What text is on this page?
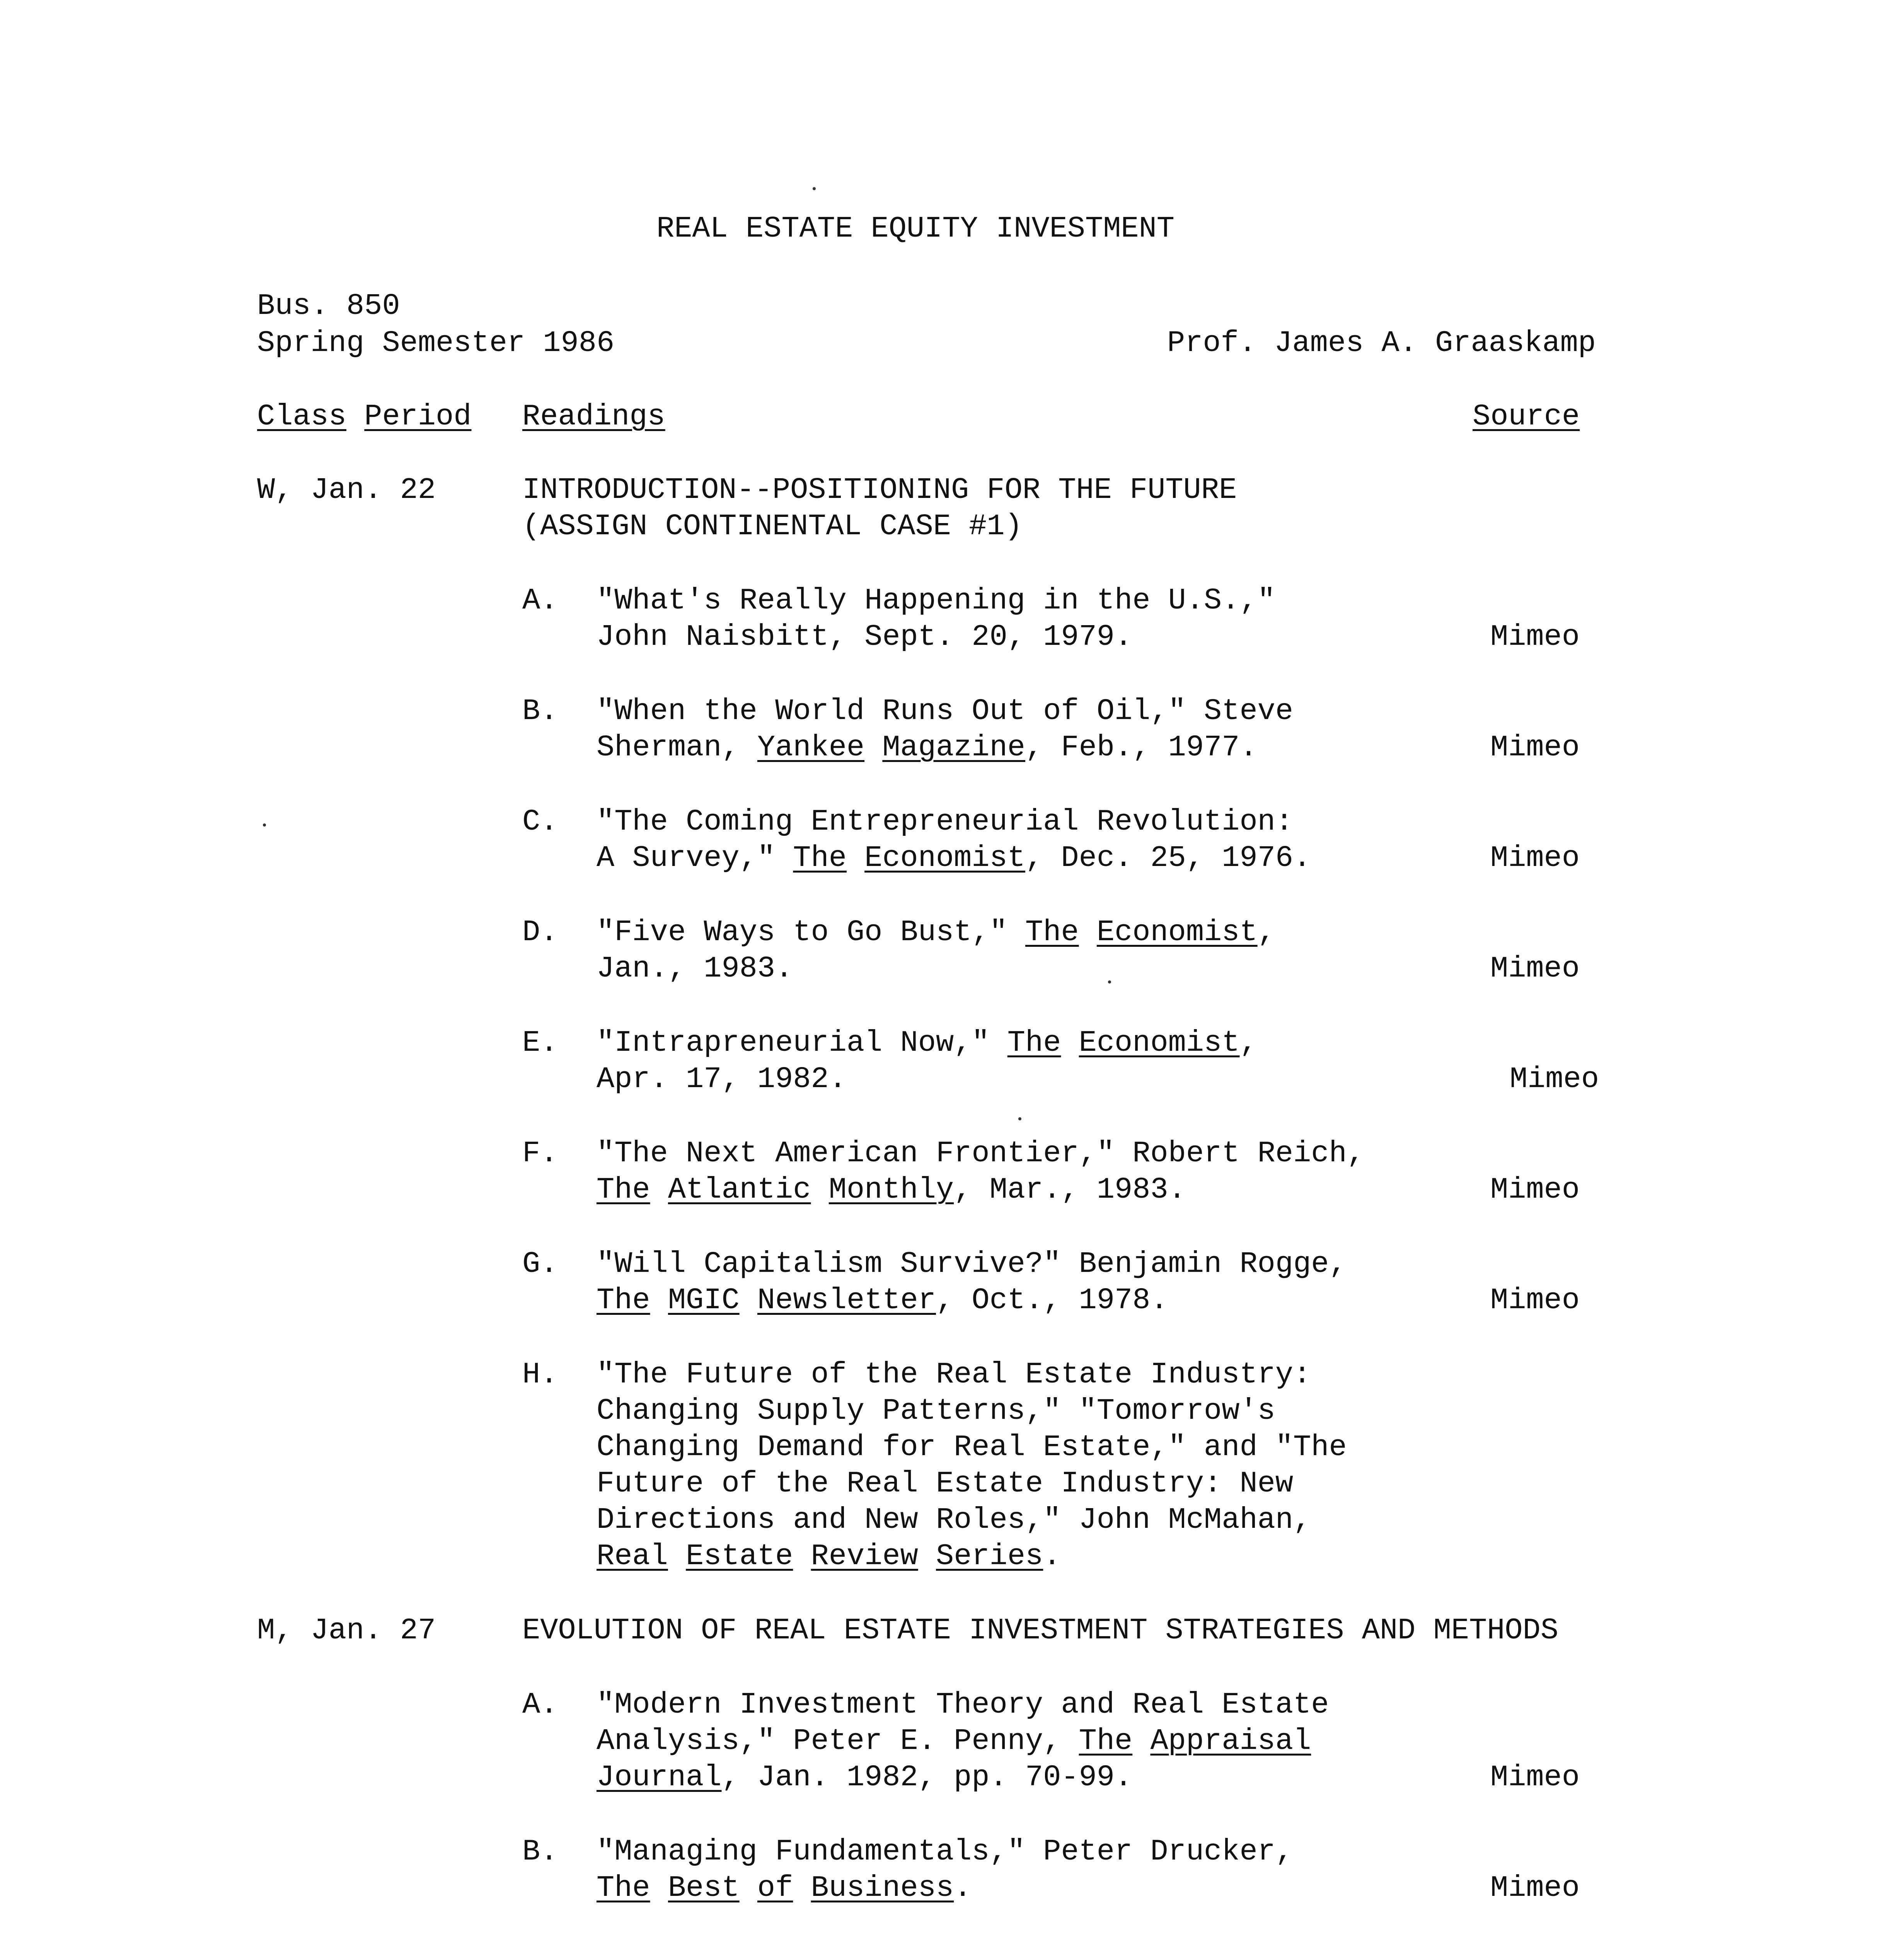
REAL ESTATE EQUITY INVESTMENT
Bus. 850
Spring Semester 1986	Prof. James A. Graaskamp
Class Period Readings	Source
W, Jan. 22	INTRODUCTION--POSITIONING FOR THE FUTURE
(ASSIGN CONTINENTAL CASE #1)
A. "What's Really Happening in the U.S.,"
John Naisbitt, Sept. 20, 1979.	Mimeo
B. "When the World Runs Out of Oil," Steve
Sherman, Yankee Magazine, Feb., 1977.	Mimeo
C. "The Coming Entrepreneurial Revolution:
A Survey," The Economist, Dec. 25, 1976.	Mimeo
D. "Five Ways to Go Bust," The Economist,
Jan., 1983.	Mimeo
E. "Intrapreneurial Now," The Economist,
Apr. 17, 1982.	Mimeo
F. "The Next American Frontier," Robert Reich,
The Atlantic Monthly, Mar., 1983.	Mimeo
G. "Will Capitalism Survive?" Benjamin Rogge,
The MGIC Newsletter, Oct., 1978.	Mimeo
H. "The Future of the Real Estate Industry:
Changing Supply Patterns," "Tomorrow's
Changing Demand for Real Estate," and "The
Future of the Real Estate Industry: New
Directions and New Roles," John McMahan,
Real Estate Review Series.
M, Jan. 27	EVOLUTION OF REAL ESTATE INVESTMENT STRATEGIES AND METHODS
A. "Modern Investment Theory and Real Estate
Analysis," Peter E. Penny, The Appraisal
Journal, Jan. 1982, pp. 70-99.	Mimeo
B. "Managing Fundamentals," Peter Drucker,
The Best of Business.	Mimeo
